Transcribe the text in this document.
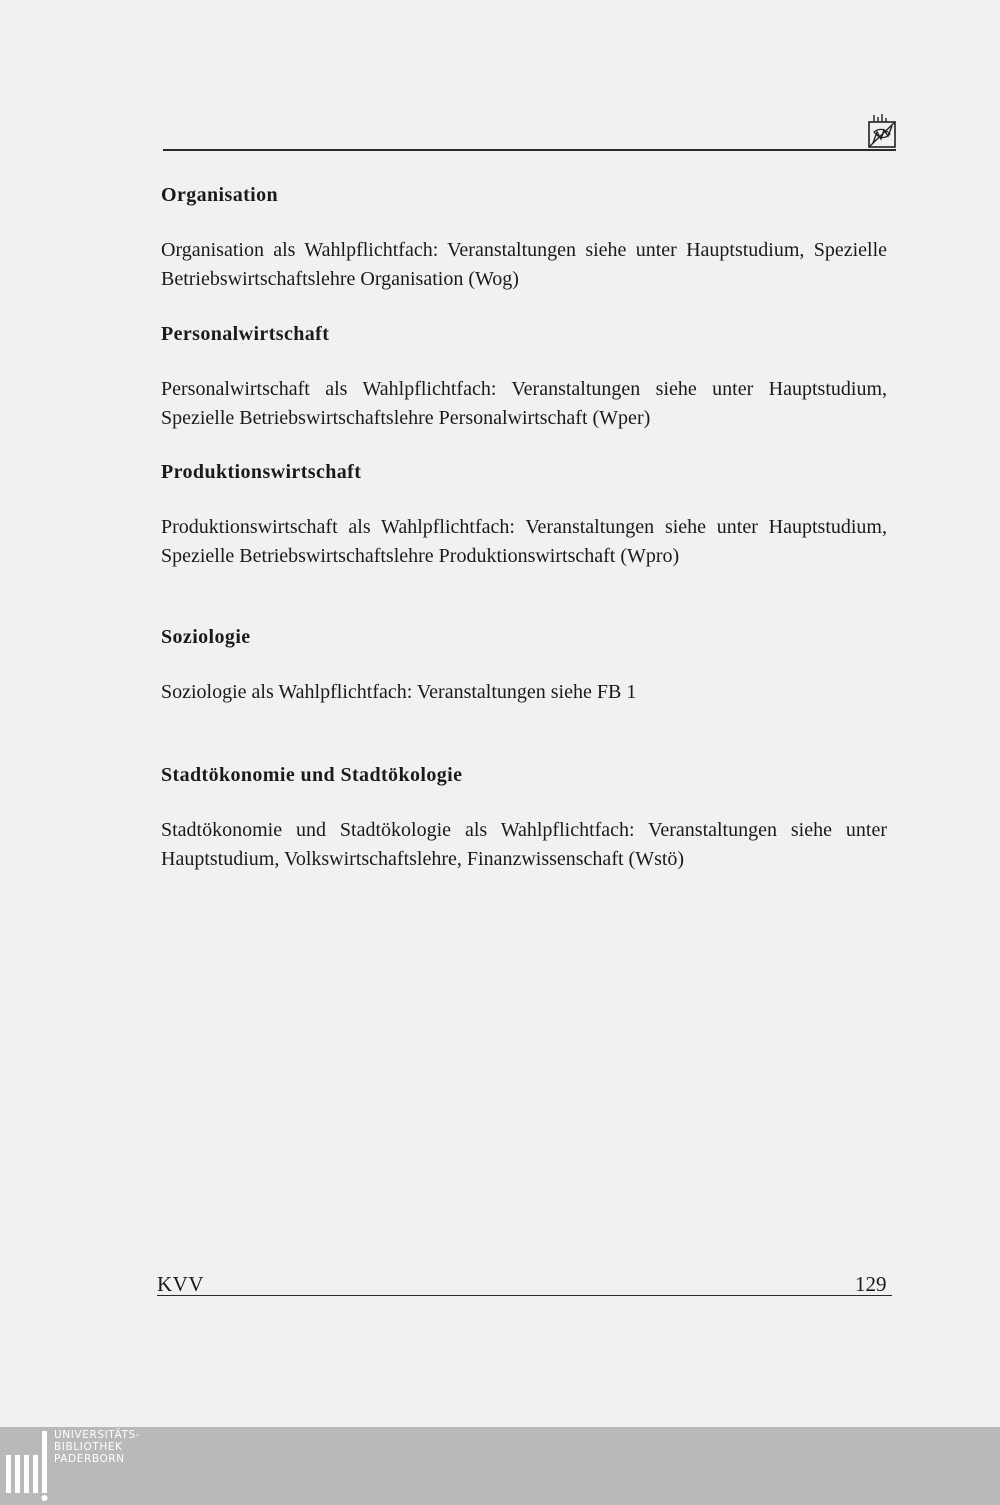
Organisation

Organisation als Wahlpflichtfach: Veranstaltungen siehe unter Hauptstudium, Spezielle Betriebswirtschaftslehre Organisation (Wog)

Personalwirtschaft

Personalwirtschaft als Wahlpflichtfach: Veranstaltungen siehe unter Hauptstudium, Spezielle Betriebswirtschaftslehre Personalwirtschaft (Wper)

Produktionswirtschaft

Produktionswirtschaft als Wahlpflichtfach: Veranstaltungen siehe unter Hauptstudium, Spezielle Betriebswirtschaftslehre Produktionswirtschaft (Wpro)

Soziologie

Soziologie als Wahlpflichtfach: Veranstaltungen siehe FB 1

Stadtökonomie und Stadtökologie

Stadtökonomie und Stadtökologie als Wahlpflichtfach: Veranstaltungen siehe unter Hauptstudium, Volkswirtschaftslehre, Finanzwissenschaft (Wstö)

KVV	129
UNIVERSITÄTS-
BIBLIOTHEK
PADERBORN
